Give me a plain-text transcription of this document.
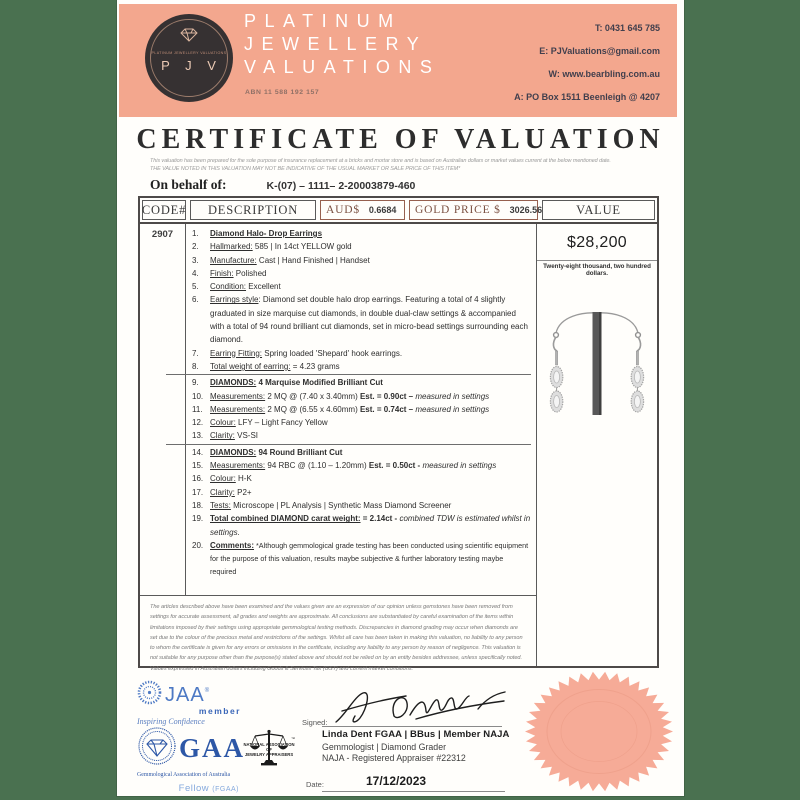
PLATINUM JEWELLERY VALUATIONS
P J V
PLATINUM
JEWELLERY
VALUATIONS
ABN 11 588 192 157
T: 0431 645 785
E: PJValuations@gmail.com
W: www.bearbling.com.au
A: PO Box 1511 Beenleigh @ 4207
CERTIFICATE OF VALUATION
This valuation has been prepared for the sole purpose of insurance replacement at a bricks and mortar store and is based on Australian dollars or market values current at the below mentioned date.
THE VALUE NOTED IN THIS VALUATION MAY NOT BE INDICATIVE OF THE USUAL MARKET OR SALE PRICE OF THIS ITEM*
On behalf of:	K-(07) – 1111– 2-20003879-460
CODE#	DESCRIPTION	AUD$ 0.6684 GOLD PRICE $ 3026.56	VALUE
2907	1.	Diamond Halo- Drop Earrings
2.	Hallmarked: 585 | In 14ct YELLOW gold
3.	Manufacture: Cast | Hand Finished | Handset
4.	Finish: Polished
5.	Condition: Excellent
6.	Earrings style: Diamond set double halo drop earrings. Featuring a total of 4 slightly graduated in size marquise cut diamonds, in double dual-claw settings & accompanied with a total of 94 round brilliant cut diamonds, set in micro-bead settings surrounding each diamond.
7.	Earring Fitting: Spring loaded 'Shepard' hook earrings.
8.	Total weight of earring: = 4.23 grams
9.	DIAMONDS: 4 Marquise Modified Brilliant Cut
10. Measurements: 2 MQ @ (7.40 x 3.40mm) Est. = 0.90ct – measured in settings
11. Measurements: 2 MQ @ (6.55 x 4.60mm) Est. = 0.74ct – measured in settings
12. Colour: LFY – Light Fancy Yellow
13. Clarity: VS-SI
14. DIAMONDS: 94 Round Brilliant Cut
15. Measurements: 94 RBC @ (1.10 – 1.20mm) Est. = 0.50ct - measured in settings
16. Colour: H-K
17. Clarity: P2+
18. Tests: Microscope | PL Analysis | Synthetic Mass Diamond Screener
19. Total combined DIAMOND carat weight: = 2.14ct - combined TDW is estimated whilst in settings.
20. Comments: *Although gemmological grade testing has been conducted using scientific equipment for the purpose of this valuation, results maybe subjective & further laboratory testing maybe required
The articles described above have been examined and the values given are an expression of our opinion unless gemstones have been removed from settings for accurate assessment, all grades and weights are approximate. All conclusions are substantiated by careful examination of the items within limitations imposed by their settings using appropriate gemmological testing methods. Discrepancies in diamond grading may occur when diamonds are set due to the colour of the precious metal and restrictions of the settings. Whilst all care has been taken in making this valuation, no liability to any person to whom the certificate is given for any errors or omissions in the certificate, including any liability to any person by reason of negligence. This valuation is not suitable for any purpose other than the purpose(s) stated above and should not be relied on by an entity besides addressee, unless specifically noted. Values expressed in Australian dollars including Goods & Services Tax (GST) and current market conditions.
$28,200
Twenty-eight thousand, two hundred dollars.
JAA®
member
Inspiring Confidence
GAA
Gemmological Association of Australia
Fellow (FGAA)
™
NATIONAL ASSOCIATION OF
JEWELRY APPRAISERS
Signed:
Linda Dent FGAA | BBus | Member NAJA
Gemmologist | Diamond Grader
NAJA - Registered Appraiser #22312
Date:	17/12/2023
